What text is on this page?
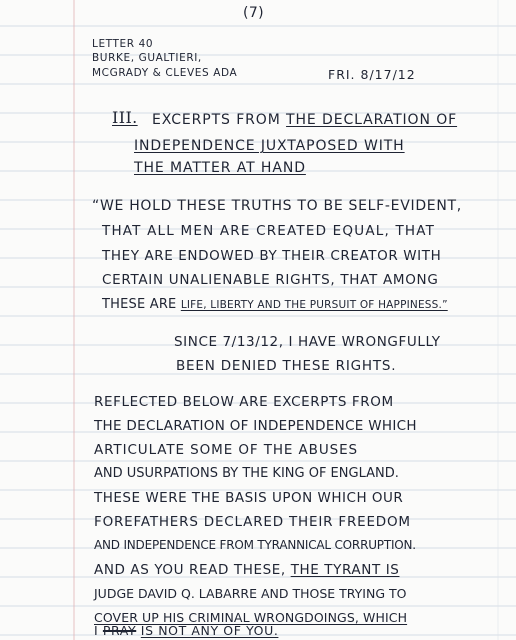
(7)
LETTER 40
BURKE, GUALTIERI,
MCGRADY & CLEVES ADA	FRI. 8/17/12
III. EXCERPTS FROM THE DECLARATION OF
INDEPENDENCE JUXTAPOSED WITH
THE MATTER AT HAND
“WE HOLD THESE TRUTHS TO BE SELF-EVIDENT,
THAT ALL MEN ARE CREATED EQUAL, THAT
THEY ARE ENDOWED BY THEIR CREATOR WITH
CERTAIN UNALIENABLE RIGHTS, THAT AMONG
THESE ARE LIFE, LIBERTY AND THE PURSUIT OF HAPPINESS.”
SINCE 7/13/12, I HAVE WRONGFULLY
BEEN DENIED THESE RIGHTS.
REFLECTED BELOW ARE EXCERPTS FROM
THE DECLARATION OF INDEPENDENCE WHICH
ARTICULATE SOME OF THE ABUSES
AND USURPATIONS BY THE KING OF ENGLAND.
THESE WERE THE BASIS UPON WHICH OUR
FOREFATHERS DECLARED THEIR FREEDOM
AND INDEPENDENCE FROM TYRANNICAL CORRUPTION.
AND AS YOU READ THESE, THE TYRANT IS
JUDGE DAVID Q. LABARRE AND THOSE TRYING TO
COVER UP HIS CRIMINAL WRONGDOINGS, WHICH
I PRAY IS NOT ANY OF YOU.
